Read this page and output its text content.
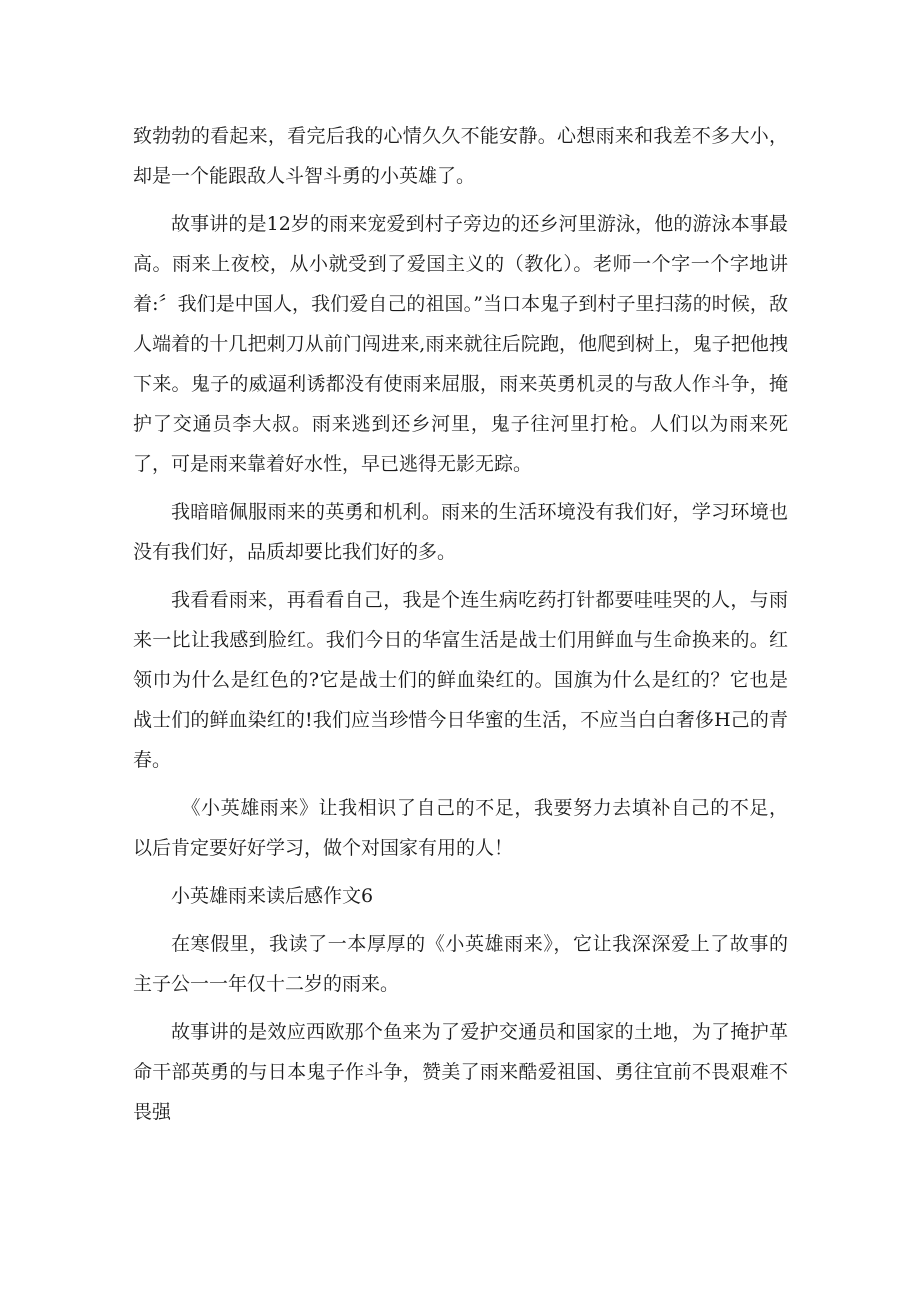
致勃勃的看起来，看完后我的心情久久不能安静。心想雨来和我差不多大小，却是一个能跟敌人斗智斗勇的小英雄了。

故事讲的是12岁的雨来宠爱到村子旁边的还乡河里游泳，他的游泳本事最高。雨来上夜校，从小就受到了爱国主义的（教化）。老师一个字一个字地讲着:〞我们是中国人，我们爱自己的祖国。”当口本鬼子到村子里扫荡的时候，敌人端着的十几把刺刀从前门闯进来,雨来就往后院跑，他爬到树上，鬼子把他拽下来。鬼子的威逼利诱都没有使雨来屈服，雨来英勇机灵的与敌人作斗争，掩护了交通员李大叔。雨来逃到还乡河里，鬼子往河里打枪。人们以为雨来死了，可是雨来靠着好水性，早已逃得无影无踪。

我暗暗佩服雨来的英勇和机利。雨来的生活环境没有我们好，学习环境也没有我们好，品质却要比我们好的多。

我看看雨来，再看看自己，我是个连生病吃药打针都要哇哇哭的人，与雨来一比让我感到脸红。我们今日的华富生活是战士们用鲜血与生命换来的。红领巾为什么是红色的?它是战士们的鲜血染红的。国旗为什么是红的？它也是战士们的鲜血染红的!我们应当珍惜今日华蜜的生活，不应当白白奢侈H己的青春。

《小英雄雨来》让我相识了自己的不足，我要努力去填补自己的不足，以后肯定要好好学习，做个对国家有用的人！

小英雄雨来读后感作文6

在寒假里，我读了一本厚厚的《小英雄雨来》，它让我深深爱上了故事的主子公一一年仅十二岁的雨来。

故事讲的是效应西欧那个鱼来为了爱护交通员和国家的土地，为了掩护革命干部英勇的与日本鬼子作斗争，赞美了雨来酷爱祖国、勇往宜前不畏艰难不畏强
